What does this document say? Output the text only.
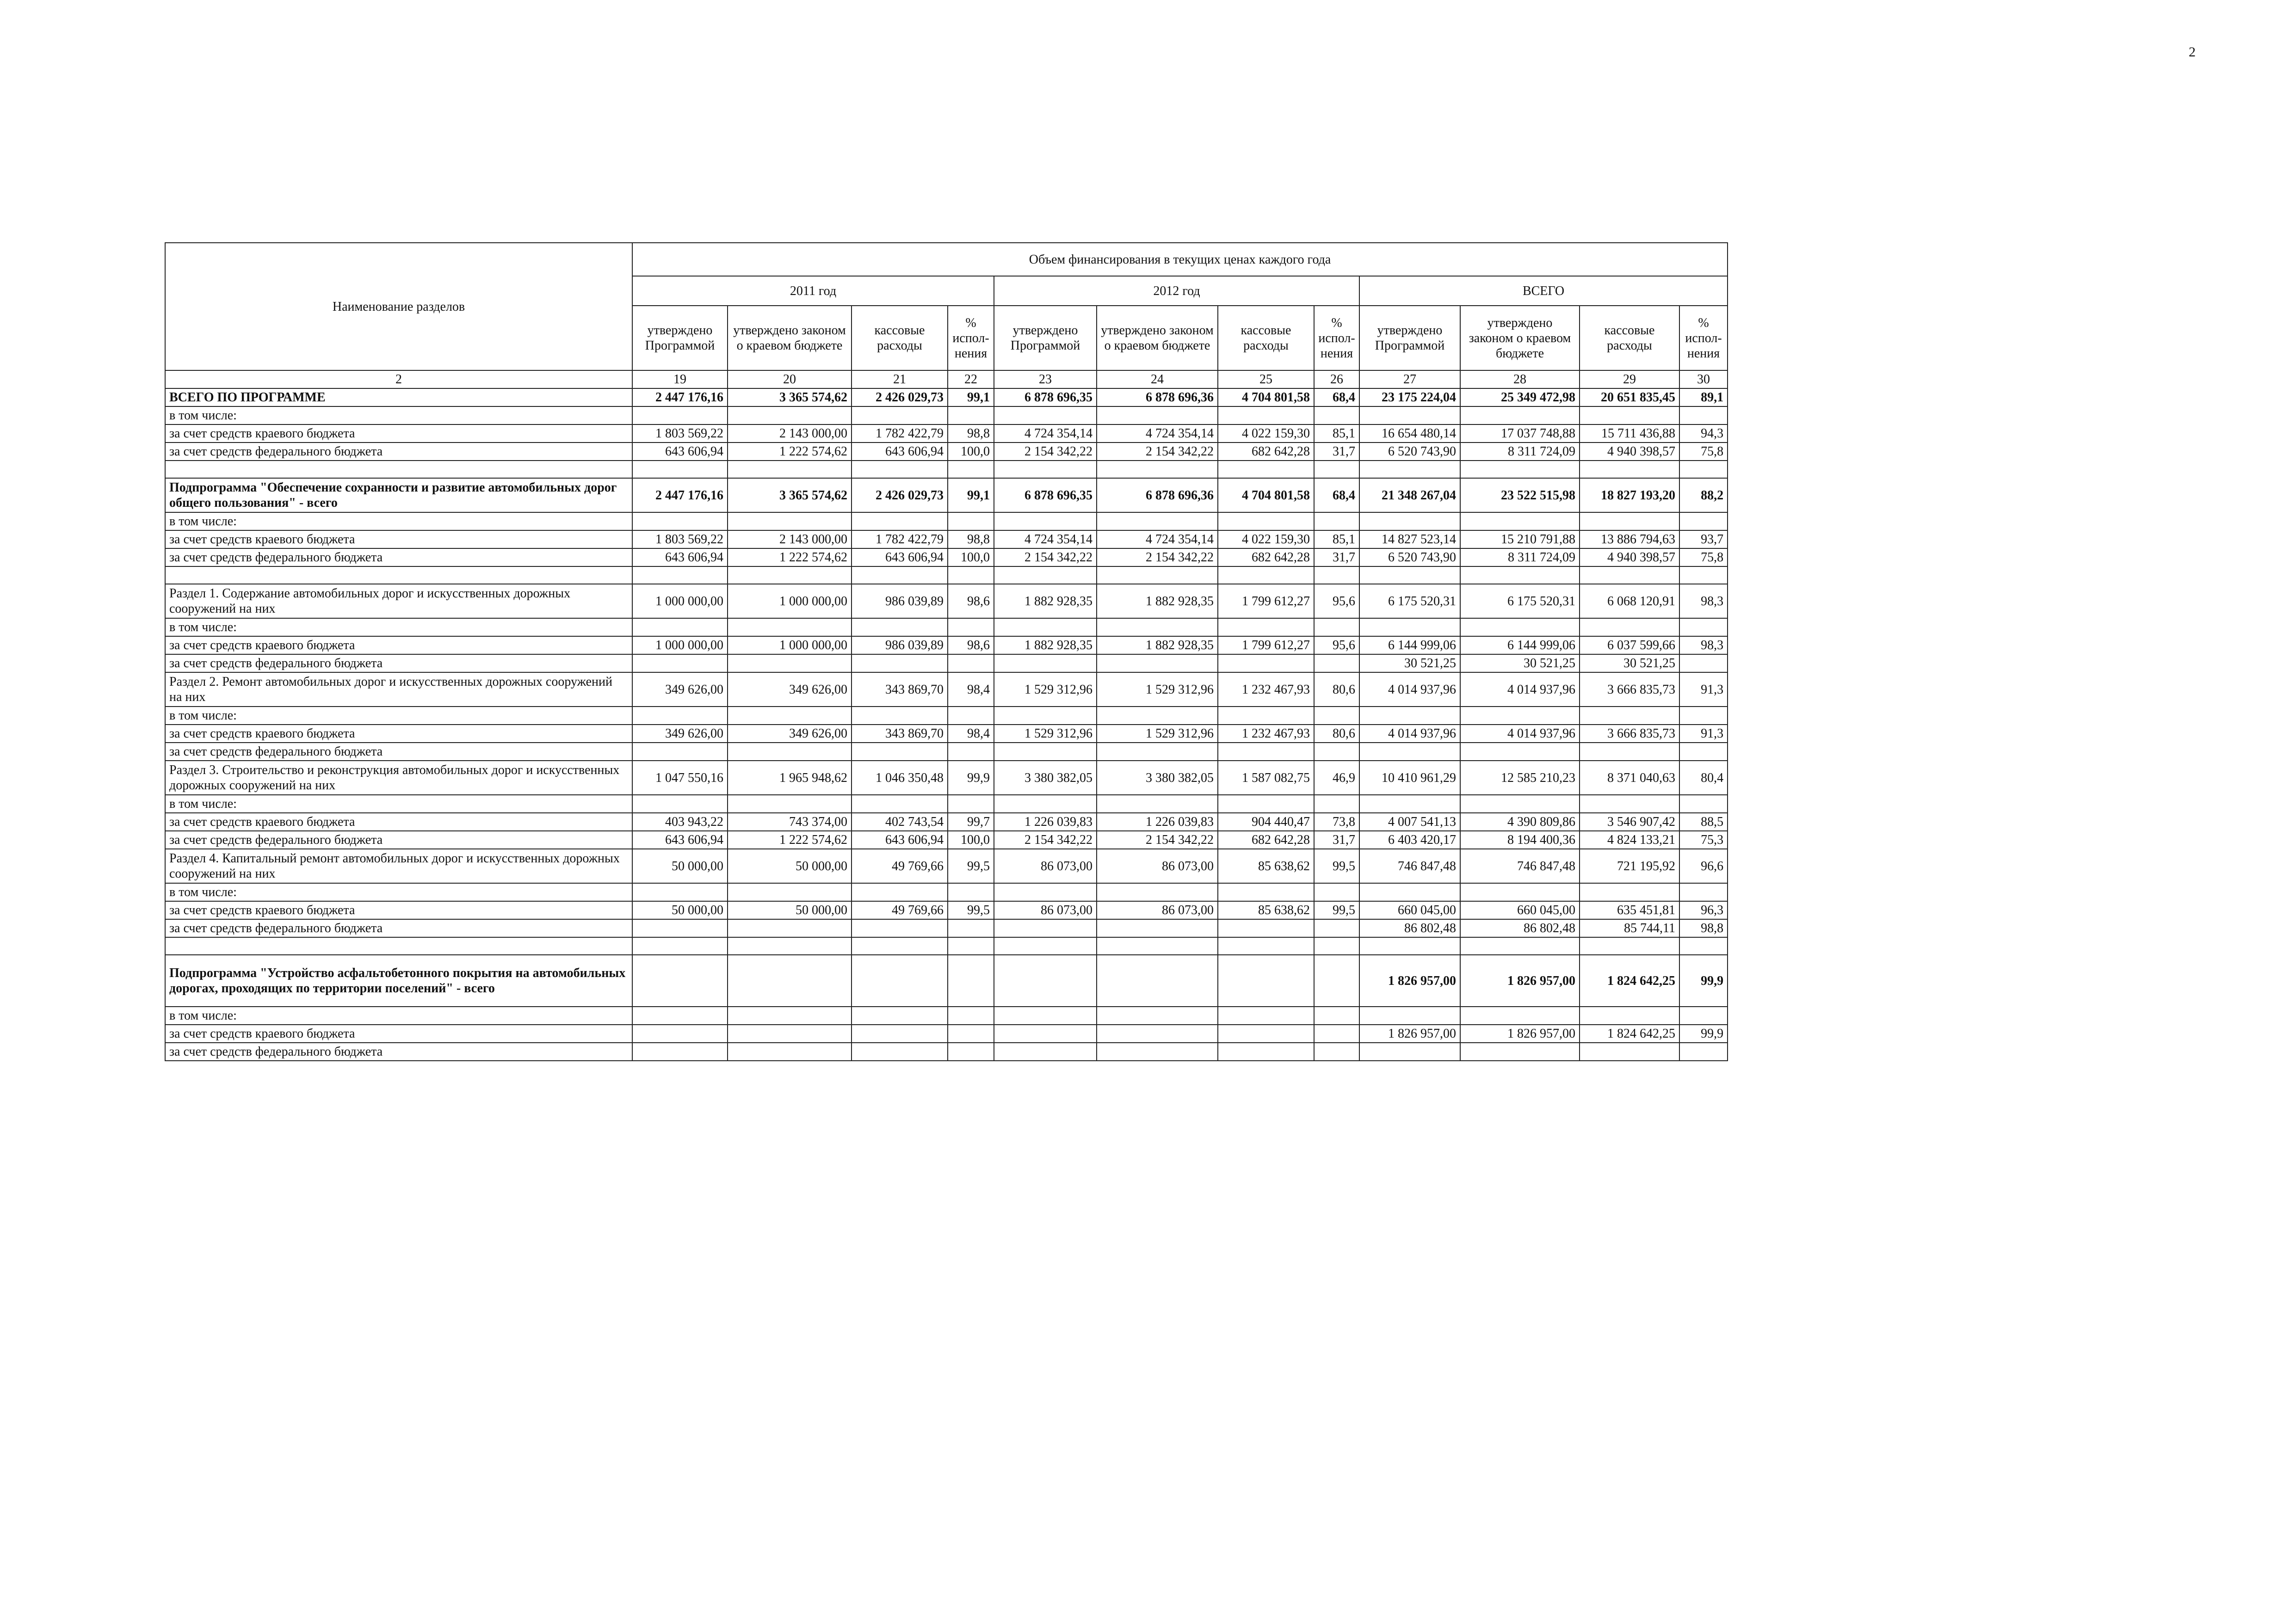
2
Наименование разделов	Объем финансирования в текущих ценах каждого года											
	2011 год				2012 год				ВСЕГО			
	утверждено Программой	утверждено законом о краевом бюджете	кассовые расходы	% испол-нения	утверждено Программой	утверждено законом о краевом бюджете	кассовые расходы	% испол-нения	утверждено Программой	утверждено законом о краевом бюджете	кассовые расходы	% испол-нения
2	19	20	21	22	23	24	25	26	27	28	29	30
ВСЕГО ПО ПРОГРАММЕ	2 447 176,16	3 365 574,62	2 426 029,73	99,1	6 878 696,35	6 878 696,36	4 704 801,58	68,4	23 175 224,04	25 349 472,98	20 651 835,45	89,1
в том числе:												
за счет средств краевого бюджета	1 803 569,22	2 143 000,00	1 782 422,79	98,8	4 724 354,14	4 724 354,14	4 022 159,30	85,1	16 654 480,14	17 037 748,88	15 711 436,88	94,3
за счет средств федерального бюджета	643 606,94	1 222 574,62	643 606,94	100,0	2 154 342,22	2 154 342,22	682 642,28	31,7	6 520 743,90	8 311 724,09	4 940 398,57	75,8

Подпрограмма "Обеспечение сохранности и развитие автомобильных дорог общего пользования" - всего	2 447 176,16	3 365 574,62	2 426 029,73	99,1	6 878 696,35	6 878 696,36	4 704 801,58	68,4	21 348 267,04	23 522 515,98	18 827 193,20	88,2
в том числе:												
за счет средств краевого бюджета	1 803 569,22	2 143 000,00	1 782 422,79	98,8	4 724 354,14	4 724 354,14	4 022 159,30	85,1	14 827 523,14	15 210 791,88	13 886 794,63	93,7
за счет средств федерального бюджета	643 606,94	1 222 574,62	643 606,94	100,0	2 154 342,22	2 154 342,22	682 642,28	31,7	6 520 743,90	8 311 724,09	4 940 398,57	75,8

Раздел 1. Содержание автомобильных дорог и искусственных дорожных сооружений на них	1 000 000,00	1 000 000,00	986 039,89	98,6	1 882 928,35	1 882 928,35	1 799 612,27	95,6	6 175 520,31	6 175 520,31	6 068 120,91	98,3
в том числе:												
за счет средств краевого бюджета	1 000 000,00	1 000 000,00	986 039,89	98,6	1 882 928,35	1 882 928,35	1 799 612,27	95,6	6 144 999,06	6 144 999,06	6 037 599,66	98,3
за счет средств федерального бюджета									30 521,25	30 521,25	30 521,25	
Раздел 2. Ремонт автомобильных дорог и искусственных дорожных сооружений на них	349 626,00	349 626,00	343 869,70	98,4	1 529 312,96	1 529 312,96	1 232 467,93	80,6	4 014 937,96	4 014 937,96	3 666 835,73	91,3
в том числе:												
за счет средств краевого бюджета	349 626,00	349 626,00	343 869,70	98,4	1 529 312,96	1 529 312,96	1 232 467,93	80,6	4 014 937,96	4 014 937,96	3 666 835,73	91,3
за счет средств федерального бюджета												
Раздел 3. Строительство и реконструкция автомобильных дорог и искусственных дорожных сооружений на них	1 047 550,16	1 965 948,62	1 046 350,48	99,9	3 380 382,05	3 380 382,05	1 587 082,75	46,9	10 410 961,29	12 585 210,23	8 371 040,63	80,4
в том числе:												
за счет средств краевого бюджета	403 943,22	743 374,00	402 743,54	99,7	1 226 039,83	1 226 039,83	904 440,47	73,8	4 007 541,13	4 390 809,86	3 546 907,42	88,5
за счет средств федерального бюджета	643 606,94	1 222 574,62	643 606,94	100,0	2 154 342,22	2 154 342,22	682 642,28	31,7	6 403 420,17	8 194 400,36	4 824 133,21	75,3
Раздел 4. Капитальный ремонт автомобильных дорог и искусственных дорожных сооружений на них	50 000,00	50 000,00	49 769,66	99,5	86 073,00	86 073,00	85 638,62	99,5	746 847,48	746 847,48	721 195,92	96,6
в том числе:												
за счет средств краевого бюджета	50 000,00	50 000,00	49 769,66	99,5	86 073,00	86 073,00	85 638,62	99,5	660 045,00	660 045,00	635 451,81	96,3
за счет средств федерального бюджета									86 802,48	86 802,48	85 744,11	98,8

Подпрограмма "Устройство асфальтобетонного покрытия на автомобильных дорогах, проходящих по территории поселений" - всего									1 826 957,00	1 826 957,00	1 824 642,25	99,9
в том числе:												
за счет средств краевого бюджета									1 826 957,00	1 826 957,00	1 824 642,25	99,9
за счет средств федерального бюджета												
